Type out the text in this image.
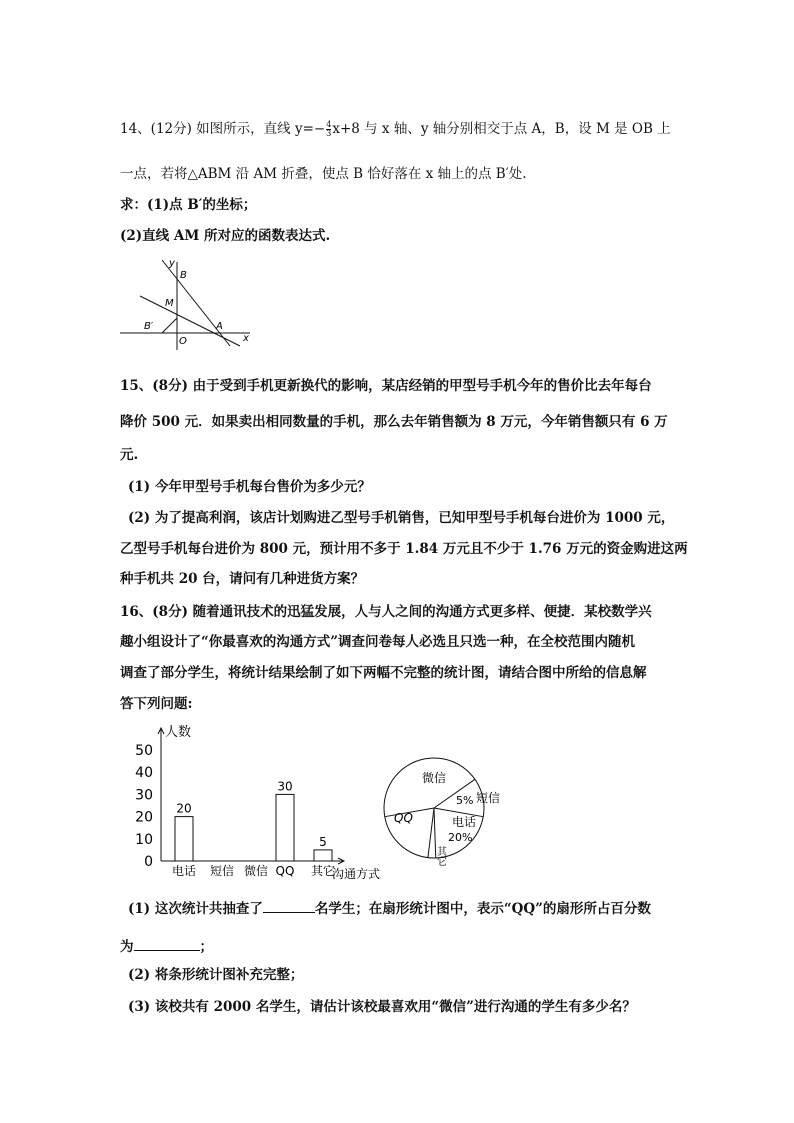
14、(12分) 如图所示，直线 $y=- \frac{4}{3} x+8$ 与 x 轴、y 轴分别相交于点 A，B，设 M 是 OB 上
一点，若将△ABM 沿 AM 折叠，使点 B 恰好落在 x 轴上的点 B′处.
求：(1)点 B′的坐标；
(2)直线 AM 所对应的函数表达式.
y
x
B
M
B′
O
A
15、(8分) 由于受到手机更新换代的影响，某店经销的甲型号手机今年的售价比去年每台
降价 500 元．如果卖出相同数量的手机，那么去年销售额为 8 万元，今年销售额只有 6 万
元.
(1) 今年甲型号手机每台售价为多少元？
(2) 为了提高利润，该店计划购进乙型号手机销售，已知甲型号手机每台进价为 1000 元，
乙型号手机每台进价为 800 元，预计用不多于 1.84 万元且不少于 1.76 万元的资金购进这两
种手机共 20 台，请问有几种进货方案？
16、(8分) 随着通讯技术的迅猛发展，人与人之间的沟通方式更多样、便捷．某校数学兴
趣小组设计了“你最喜欢的沟通方式”调查问卷每人必选且只选一种，在全校范围内随机
调查了部分学生，将统计结果绘制了如下两幅不完整的统计图，请结合图中所给的信息解
答下列问题:
人数
0
10
20
30
40
50
20
电话 短信 微信
30
QQ
5
其它
沟通方式
微信
5% 短信
电话
20%
其它
QQ
(1) 这次统计共抽查了	名学生；在扇形统计图中，表示“QQ”的扇形所占百分数
为	；
(2) 将条形统计图补充完整；
(3) 该校共有 2000 名学生，请估计该校最喜欢用“微信”进行沟通的学生有多少名？
